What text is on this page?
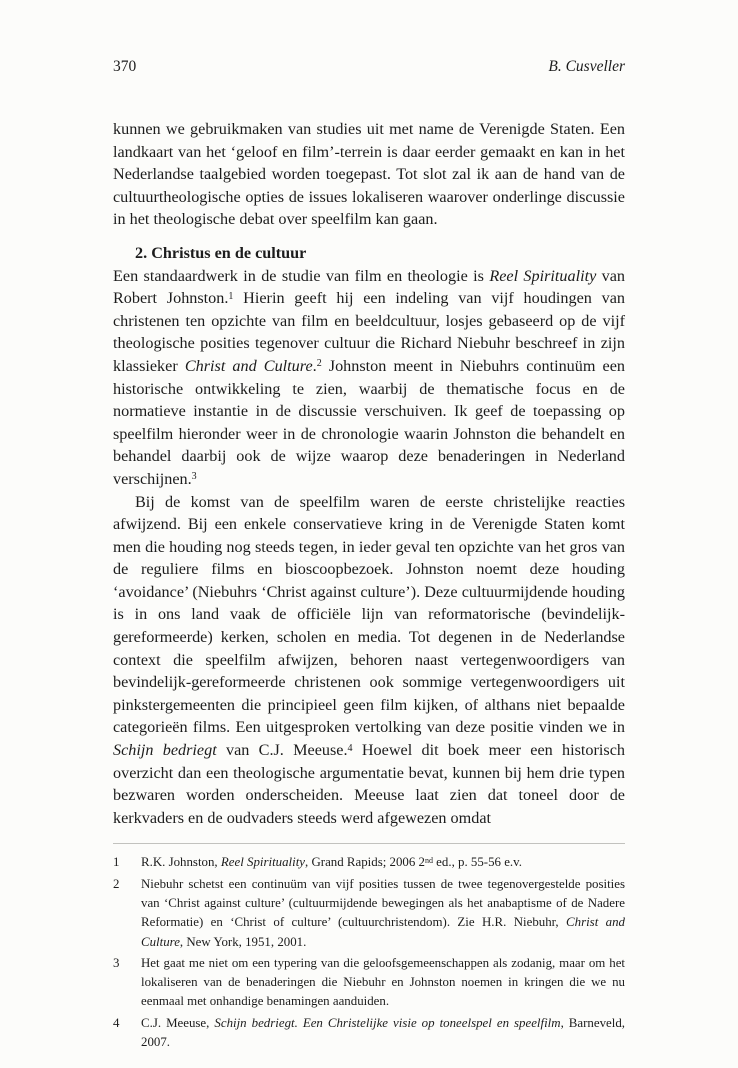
370	B. Cusveller

kunnen we gebruikmaken van studies uit met name de Verenigde Staten. Een landkaart van het ‘geloof en film’-terrein is daar eerder gemaakt en kan in het Nederlandse taalgebied worden toegepast. Tot slot zal ik aan de hand van de cultuurtheologische opties de issues lokaliseren waarover onderlinge discussie in het theologische debat over speelfilm kan gaan.

2. Christus en de cultuur

Een standaardwerk in de studie van film en theologie is Reel Spirituality van Robert Johnston.$^1$ Hierin geeft hij een indeling van vijf houdingen van christenen ten opzichte van film en beeldcultuur, losjes gebaseerd op de vijf theologische posities tegenover cultuur die Richard Niebuhr beschreef in zijn klassieker Christ and Culture.$^2$ Johnston meent in Niebuhrs continuüm een historische ontwikkeling te zien, waarbij de thematische focus en de normatieve instantie in de discussie verschuiven. Ik geef de toepassing op speelfilm hieronder weer in de chronologie waarin Johnston die behandelt en behandel daarbij ook de wijze waarop deze benaderingen in Nederland verschijnen.$^3$

Bij de komst van de speelfilm waren de eerste christelijke reacties afwijzend. Bij een enkele conservatieve kring in de Verenigde Staten komt men die houding nog steeds tegen, in ieder geval ten opzichte van het gros van de reguliere films en bioscoopbezoek. Johnston noemt deze houding ‘avoidance’ (Niebuhrs ‘Christ against culture’). Deze cultuurmijdende houding is in ons land vaak de officiële lijn van reformatorische (bevindelijk-gereformeerde) kerken, scholen en media. Tot degenen in de Nederlandse context die speelfilm afwijzen, behoren naast vertegenwoordigers van bevindelijk-gereformeerde christenen ook sommige vertegenwoordigers uit pinkstergemeenten die principieel geen film kijken, of althans niet bepaalde categorieën films. Een uitgesproken vertolking van deze positie vinden we in Schijn bedriegt van C.J. Meeuse.$^4$ Hoewel dit boek meer een historisch overzicht dan een theologische argumentatie bevat, kunnen bij hem drie typen bezwaren worden onderscheiden. Meeuse laat zien dat toneel door de kerkvaders en de oudvaders steeds werd afgewezen omdat

1	R.K. Johnston, Reel Spirituality, Grand Rapids; 2006 2nd ed., p. 55-56 e.v.
2	Niebuhr schetst een continuüm van vijf posities tussen de twee tegenovergestelde posities van ‘Christ against culture’ (cultuurmijdende bewegingen als het anabaptisme of de Nadere Reformatie) en ‘Christ of culture’ (cultuurchristendom). Zie H.R. Niebuhr, Christ and Culture, New York, 1951, 2001.
3	Het gaat me niet om een typering van die geloofsgemeenschappen als zodanig, maar om het lokaliseren van de benaderingen die Niebuhr en Johnston noemen in kringen die we nu eenmaal met onhandige benamingen aanduiden.
4	C.J. Meeuse, Schijn bedriegt. Een Christelijke visie op toneelspel en speelfilm, Barneveld, 2007.
